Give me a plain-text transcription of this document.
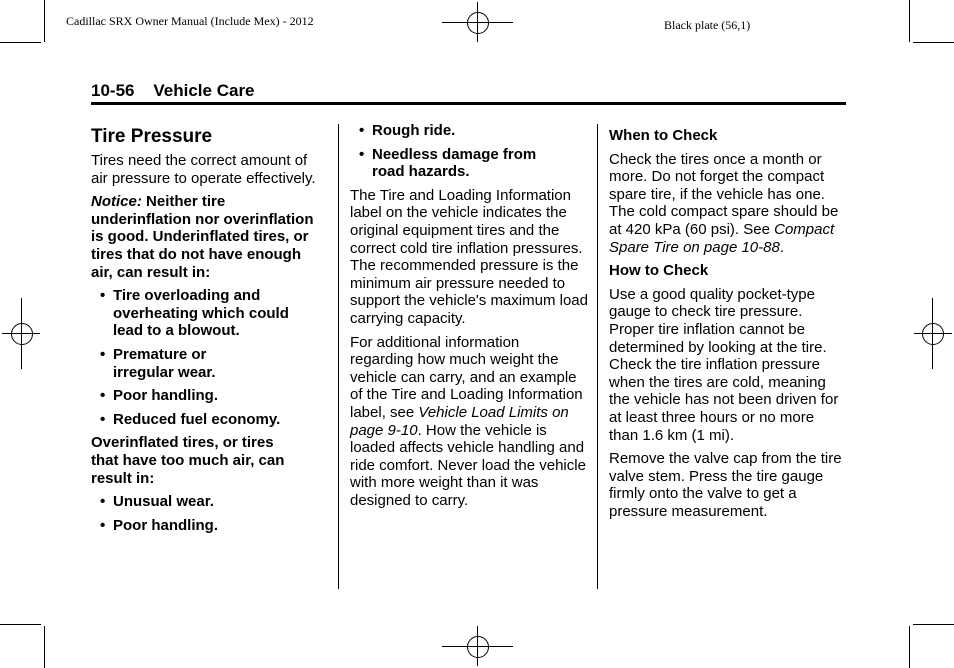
Cadillac SRX Owner Manual (Include Mex) - 2012	Black plate (56,1)
10-56 Vehicle Care

Tire Pressure

Tires need the correct amount of air pressure to operate effectively.

Notice: Neither tire underinflation nor overinflation is good. Underinflated tires, or tires that do not have enough air, can result in:

• Tire overloading and overheating which could lead to a blowout.

• Premature or irregular wear.

• Poor handling.

• Reduced fuel economy.

Overinflated tires, or tires that have too much air, can result in:

• Unusual wear.

• Poor handling.

• Rough ride.

• Needless damage from road hazards.

The Tire and Loading Information label on the vehicle indicates the original equipment tires and the correct cold tire inflation pressures. The recommended pressure is the minimum air pressure needed to support the vehicle's maximum load carrying capacity.

For additional information regarding how much weight the vehicle can carry, and an example of the Tire and Loading Information label, see Vehicle Load Limits on page 9-10. How the vehicle is loaded affects vehicle handling and ride comfort. Never load the vehicle with more weight than it was designed to carry.

When to Check

Check the tires once a month or more. Do not forget the compact spare tire, if the vehicle has one. The cold compact spare should be at 420 kPa (60 psi). See Compact Spare Tire on page 10-88.

How to Check

Use a good quality pocket-type gauge to check tire pressure. Proper tire inflation cannot be determined by looking at the tire. Check the tire inflation pressure when the tires are cold, meaning the vehicle has not been driven for at least three hours or no more than 1.6 km (1 mi).

Remove the valve cap from the tire valve stem. Press the tire gauge firmly onto the valve to get a pressure measurement.
